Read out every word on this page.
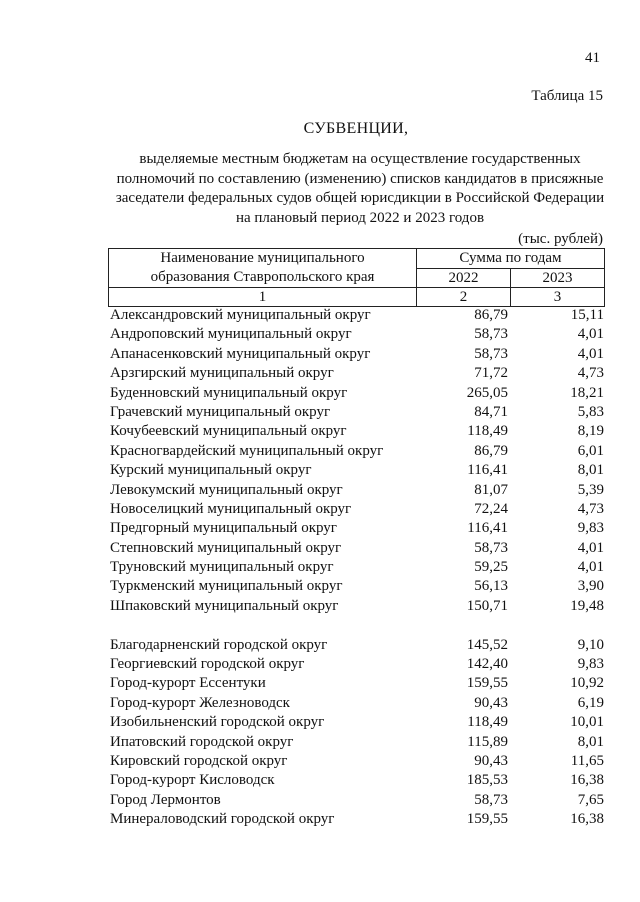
41
Таблица 15
СУБВЕНЦИИ,
выделяемые местным бюджетам на осуществление государственных
полномочий по составлению (изменению) списков кандидатов в присяжные
заседатели федеральных судов общей юрисдикции в Российской Федерации
на плановый период 2022 и 2023 годов
(тыс. рублей)
Наименование муниципального
образования Ставропольского края	Сумма по годам	
	2022	2023
1	2	3
Александровский муниципальный округ	86,79	15,11
Андроповский муниципальный округ	58,73	4,01
Апанасенковский муниципальный округ	58,73	4,01
Арзгирский муниципальный округ	71,72	4,73
Буденновский муниципальный округ	265,05	18,21
Грачевский муниципальный округ	84,71	5,83
Кочубеевский муниципальный округ	118,49	8,19
Красногвардейский муниципальный округ	86,79	6,01
Курский муниципальный округ	116,41	8,01
Левокумский муниципальный округ	81,07	5,39
Новоселицкий муниципальный округ	72,24	4,73
Предгорный муниципальный округ	116,41	9,83
Степновский муниципальный округ	58,73	4,01
Труновский муниципальный округ	59,25	4,01
Туркменский муниципальный округ	56,13	3,90
Шпаковский муниципальный округ	150,71	19,48
Благодарненский городской округ	145,52	9,10
Георгиевский городской округ	142,40	9,83
Город-курорт Ессентуки	159,55	10,92
Город-курорт Железноводск	90,43	6,19
Изобильненский городской округ	118,49	10,01
Ипатовский городской округ	115,89	8,01
Кировский городской округ	90,43	11,65
Город-курорт Кисловодск	185,53	16,38
Город Лермонтов	58,73	7,65
Минераловодский городской округ	159,55	16,38
